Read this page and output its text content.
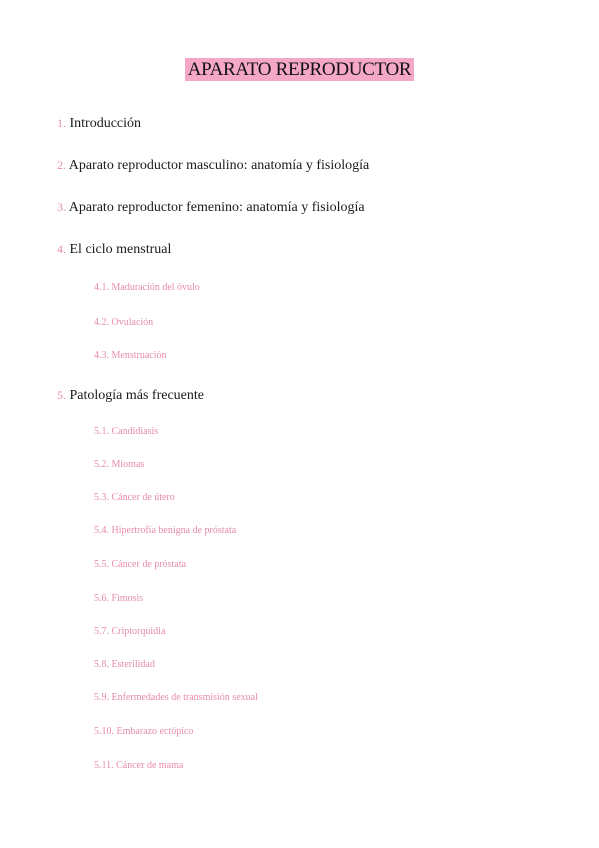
APARATO REPRODUCTOR
1. Introducción
2. Aparato reproductor masculino: anatomía y fisiología
3. Aparato reproductor femenino: anatomía y fisiología
4. El ciclo menstrual
4.1. Maduración del óvulo
4.2. Ovulación
4.3. Menstruación
5. Patología más frecuente
5.1. Candidiasis
5.2. Miomas
5.3. Cáncer de útero
5.4. Hipertrofia benigna de próstata
5.5. Cáncer de próstata
5.6. Fimosis
5.7. Criptorquidia
5.8. Esterilidad
5.9. Enfermedades de transmisión sexual
5.10. Embarazo ectópico
5.11. Cáncer de mama
